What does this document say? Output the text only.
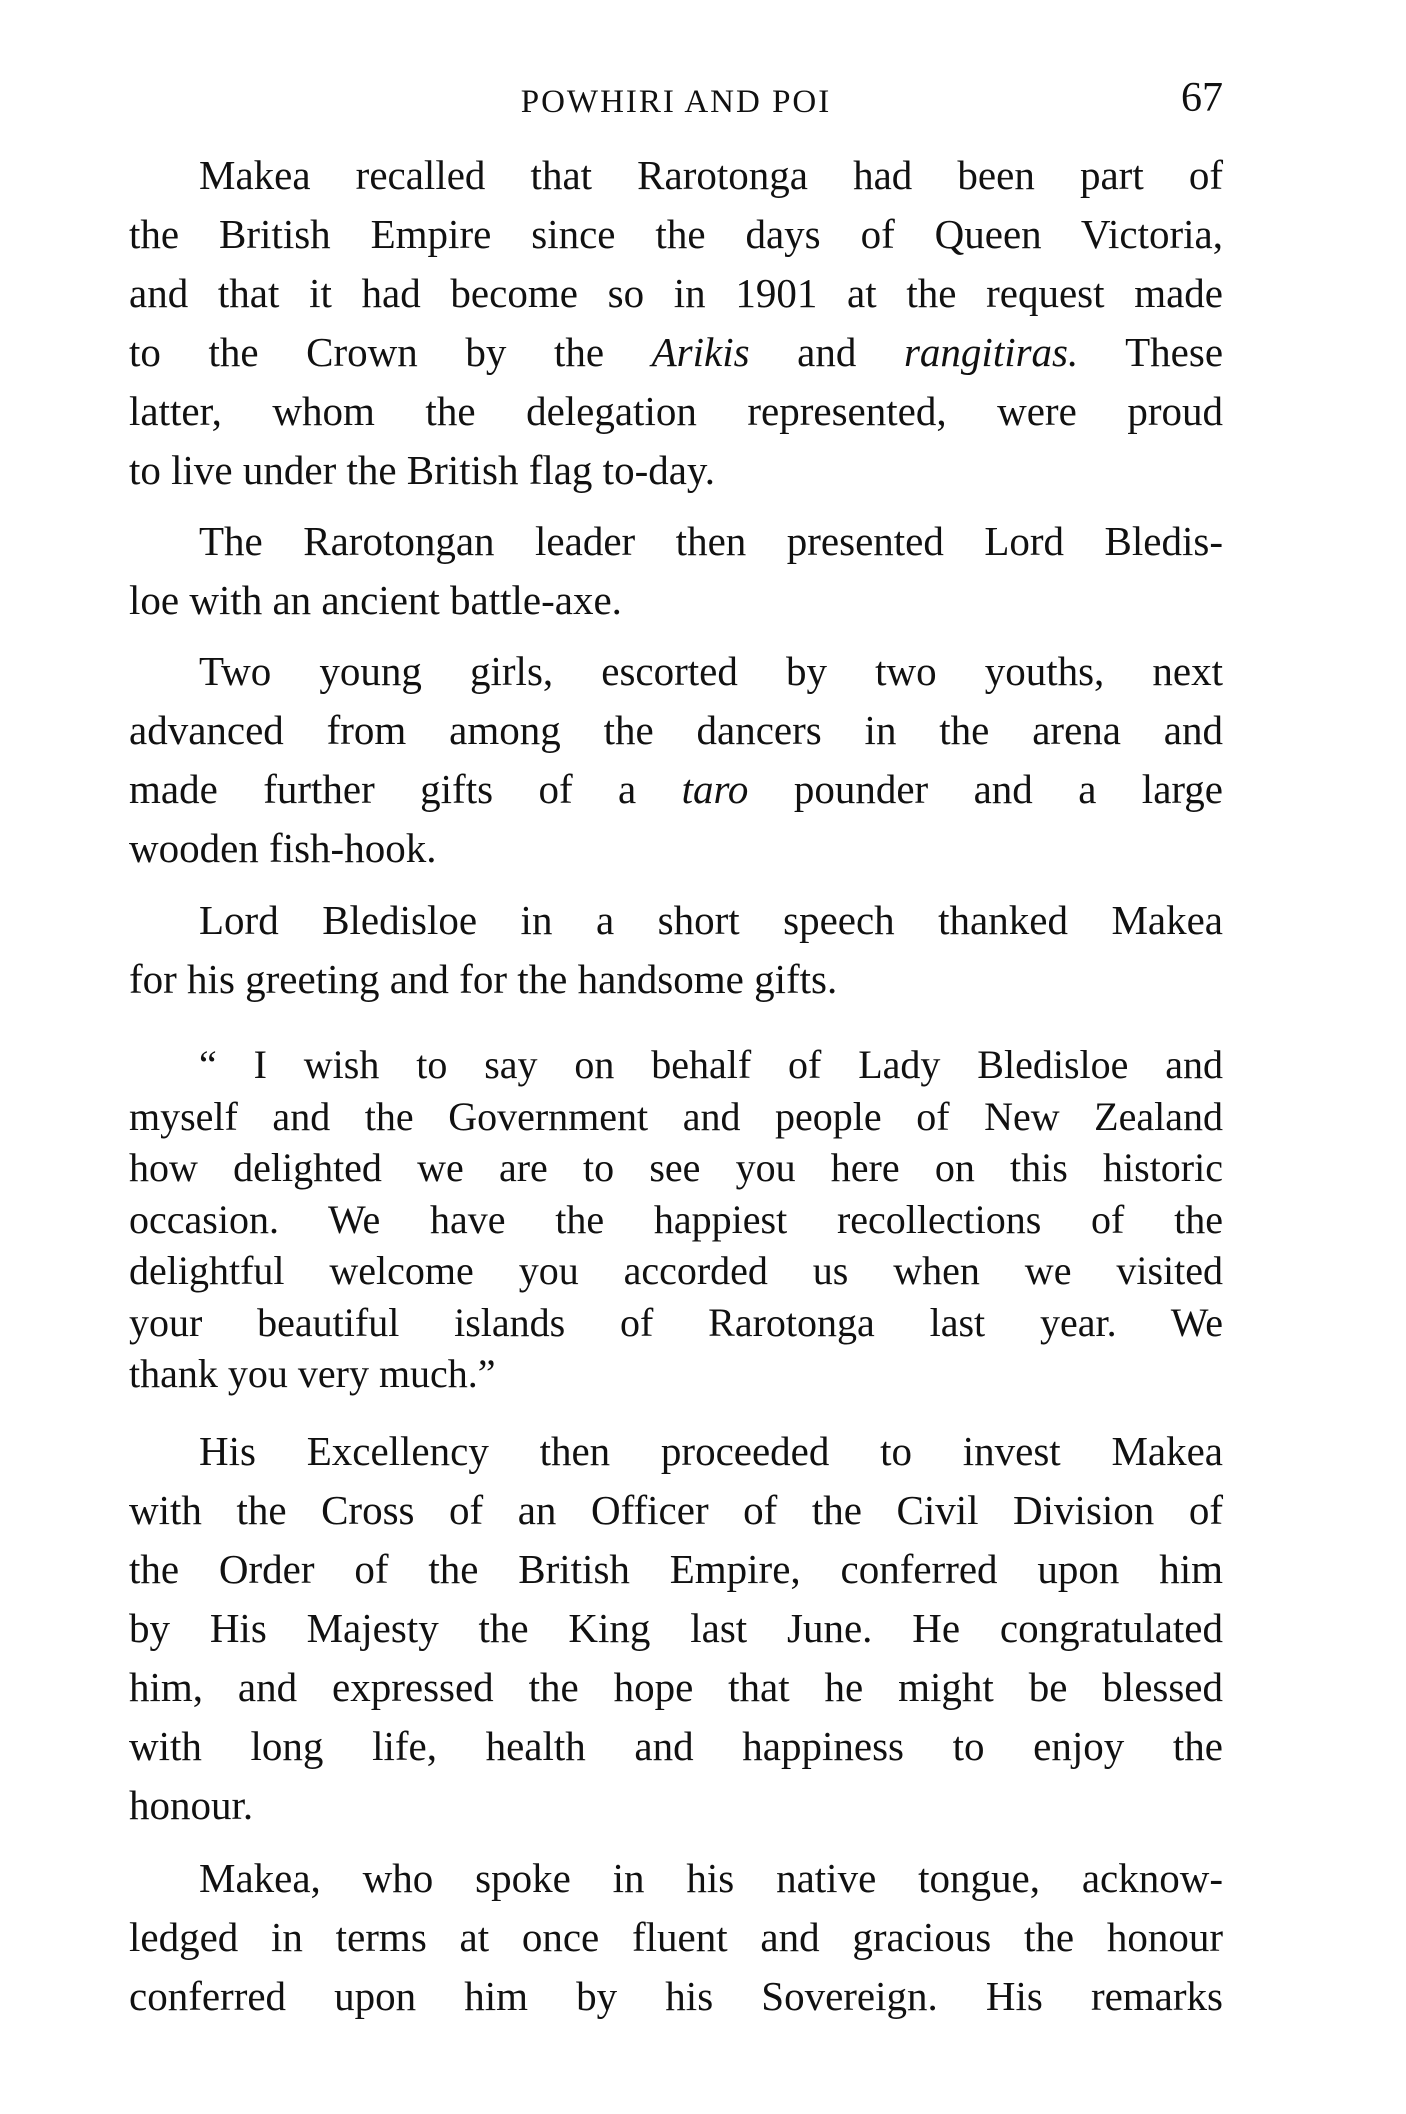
POWHIRI AND POI	67
Makea recalled that Rarotonga had been part of
the British Empire since the days of Queen Victoria,
and that it had become so in 1901 at the request made
to the Crown by the Arikis and rangitiras. These
latter, whom the delegation represented, were proud
to live under the British flag to-day.
The Rarotongan leader then presented Lord Bledis-
loe with an ancient battle-axe.
Two young girls, escorted by two youths, next
advanced from among the dancers in the arena and
made further gifts of a taro pounder and a large
wooden fish-hook.
Lord Bledisloe in a short speech thanked Makea
for his greeting and for the handsome gifts.
“ I wish to say on behalf of Lady Bledisloe and
myself and the Government and people of New Zealand
how delighted we are to see you here on this historic
occasion. We have the happiest recollections of the
delightful welcome you accorded us when we visited
your beautiful islands of Rarotonga last year. We
thank you very much.”
His Excellency then proceeded to invest Makea
with the Cross of an Officer of the Civil Division of
the Order of the British Empire, conferred upon him
by His Majesty the King last June. He congratulated
him, and expressed the hope that he might be blessed
with long life, health and happiness to enjoy the
honour.
Makea, who spoke in his native tongue, acknow-
ledged in terms at once fluent and gracious the honour
conferred upon him by his Sovereign. His remarks
